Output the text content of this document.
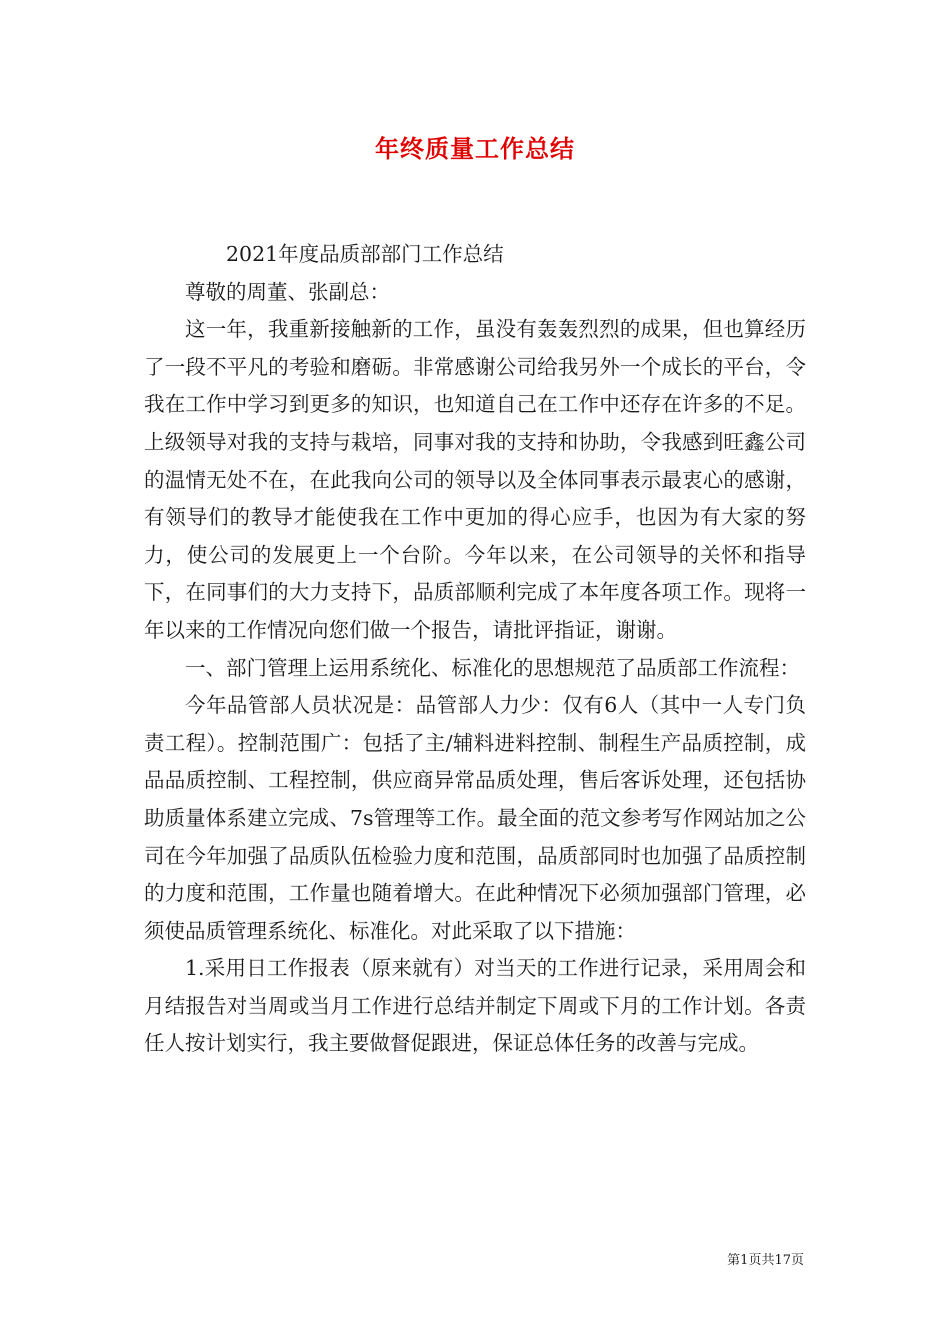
年终质量工作总结

2021年度品质部部门工作总结

尊敬的周董、张副总：

这一年，我重新接触新的工作，虽没有轰轰烈烈的成果，但也算经历了一段不平凡的考验和磨砺。非常感谢公司给我另外一个成长的平台，令我在工作中学习到更多的知识，也知道自己在工作中还存在许多的不足。上级领导对我的支持与栽培，同事对我的支持和协助，令我感到旺鑫公司的温情无处不在，在此我向公司的领导以及全体同事表示最衷心的感谢，有领导们的教导才能使我在工作中更加的得心应手，也因为有大家的努力，使公司的发展更上一个台阶。今年以来，在公司领导的关怀和指导下，在同事们的大力支持下，品质部顺利完成了本年度各项工作。现将一年以来的工作情况向您们做一个报告，请批评指证，谢谢。

一、部门管理上运用系统化、标准化的思想规范了品质部工作流程：

今年品管部人员状况是：品管部人力少：仅有6人（其中一人专门负责工程）。控制范围广：包括了主/辅料进料控制、制程生产品质控制，成品品质控制、工程控制，供应商异常品质处理，售后客诉处理，还包括协助质量体系建立完成、7s管理等工作。最全面的范文参考写作网站加之公司在今年加强了品质队伍检验力度和范围，品质部同时也加强了品质控制的力度和范围，工作量也随着增大。在此种情况下必须加强部门管理，必须使品质管理系统化、标准化。对此采取了以下措施：

1.采用日工作报表（原来就有）对当天的工作进行记录，采用周会和月结报告对当周或当月工作进行总结并制定下周或下月的工作计划。各责任人按计划实行，我主要做督促跟进，保证总体任务的改善与完成。

第1页共17页
